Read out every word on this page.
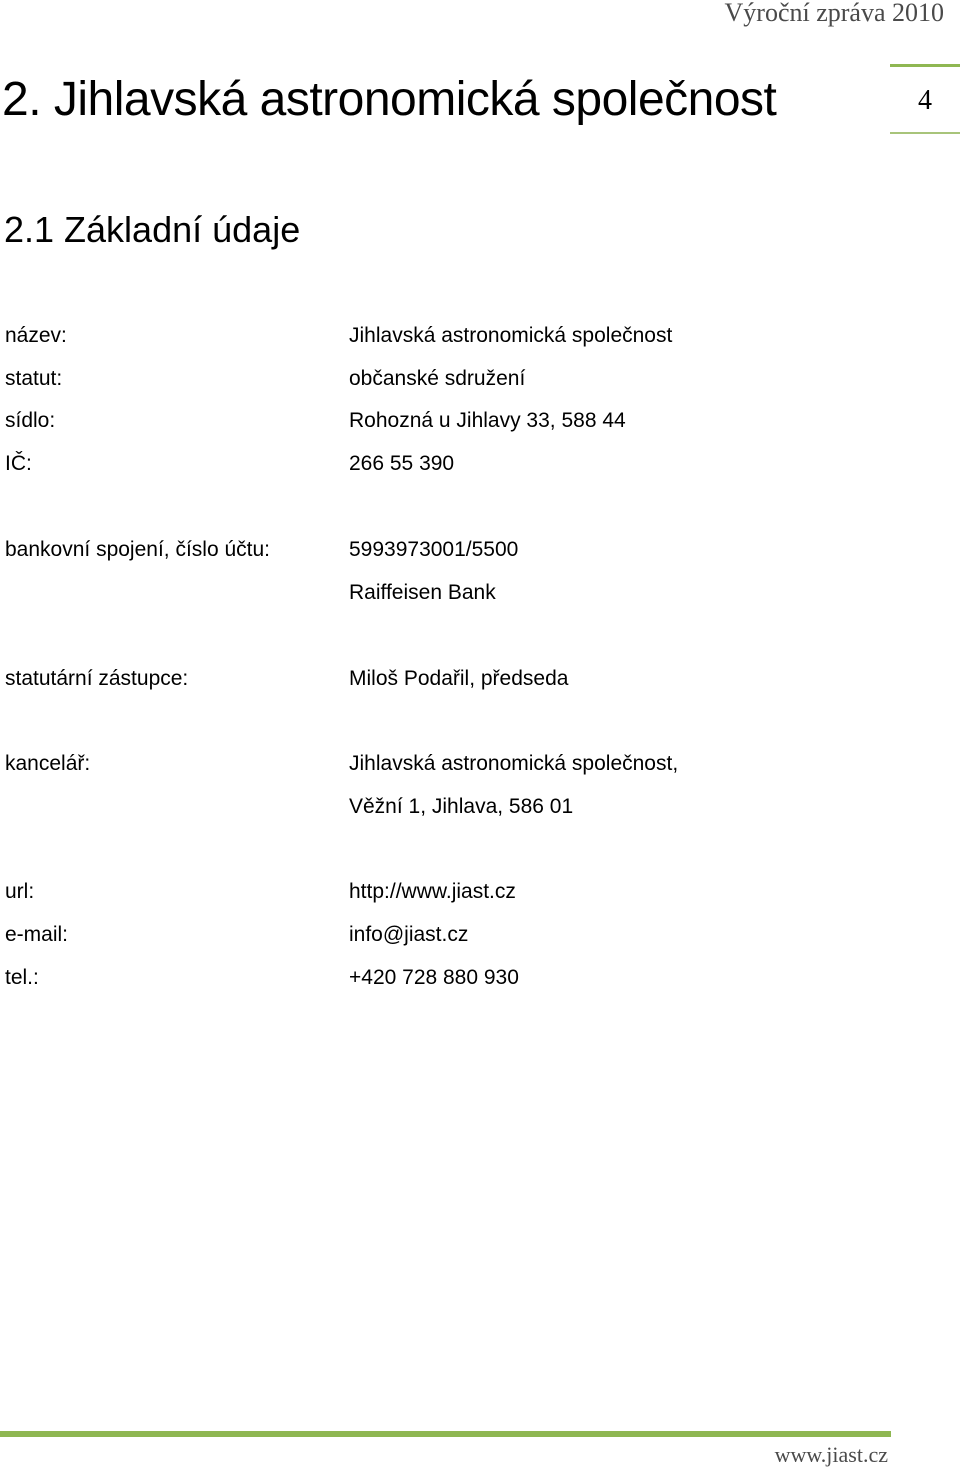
Výroční zpráva 2010
2. Jihlavská astronomická společnost	4
2.1 Základní údaje
název:	Jihlavská astronomická společnost
statut:	občanské sdružení
sídlo:	Rohozná u Jihlavy 33, 588 44
IČ:	266 55 390
bankovní spojení, číslo účtu:	5993973001/5500
Raiffeisen Bank
statutární zástupce:	Miloš Podařil, předseda
kancelář:	Jihlavská astronomická společnost,
Věžní 1, Jihlava, 586 01
url:	http://www.jiast.cz
e-mail:	info@jiast.cz
tel.:	+420 728 880 930
www.jiast.cz
